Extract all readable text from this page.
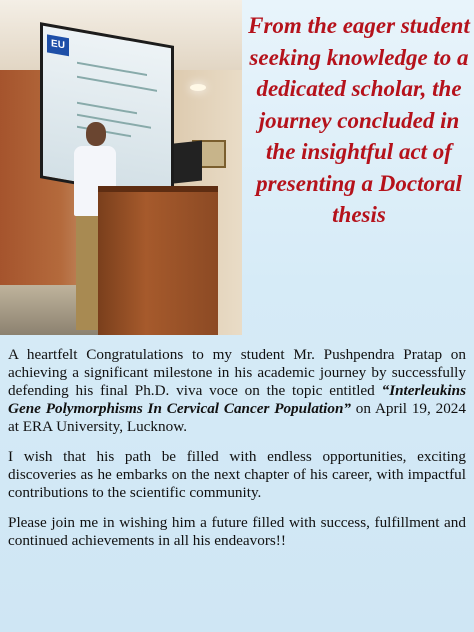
EU
From the eager student seeking knowledge to a dedicated scholar, the journey concluded in the insightful act of presenting a Doctoral thesis

A heartfelt Congratulations to my student Mr. Pushpendra Pratap on achieving a significant milestone in his academic journey by successfully defending his final Ph.D. viva voce on the topic entitled “Interleukins Gene Polymorphisms In Cervical Cancer Population” on April 19, 2024 at ERA University, Lucknow.

I wish that his path be filled with endless opportunities, exciting discoveries as he embarks on the next chapter of his career, with impactful contributions to the scientific community.

Please join me in wishing him a future filled with success, fulfillment and continued achievements in all his endeavors!!
